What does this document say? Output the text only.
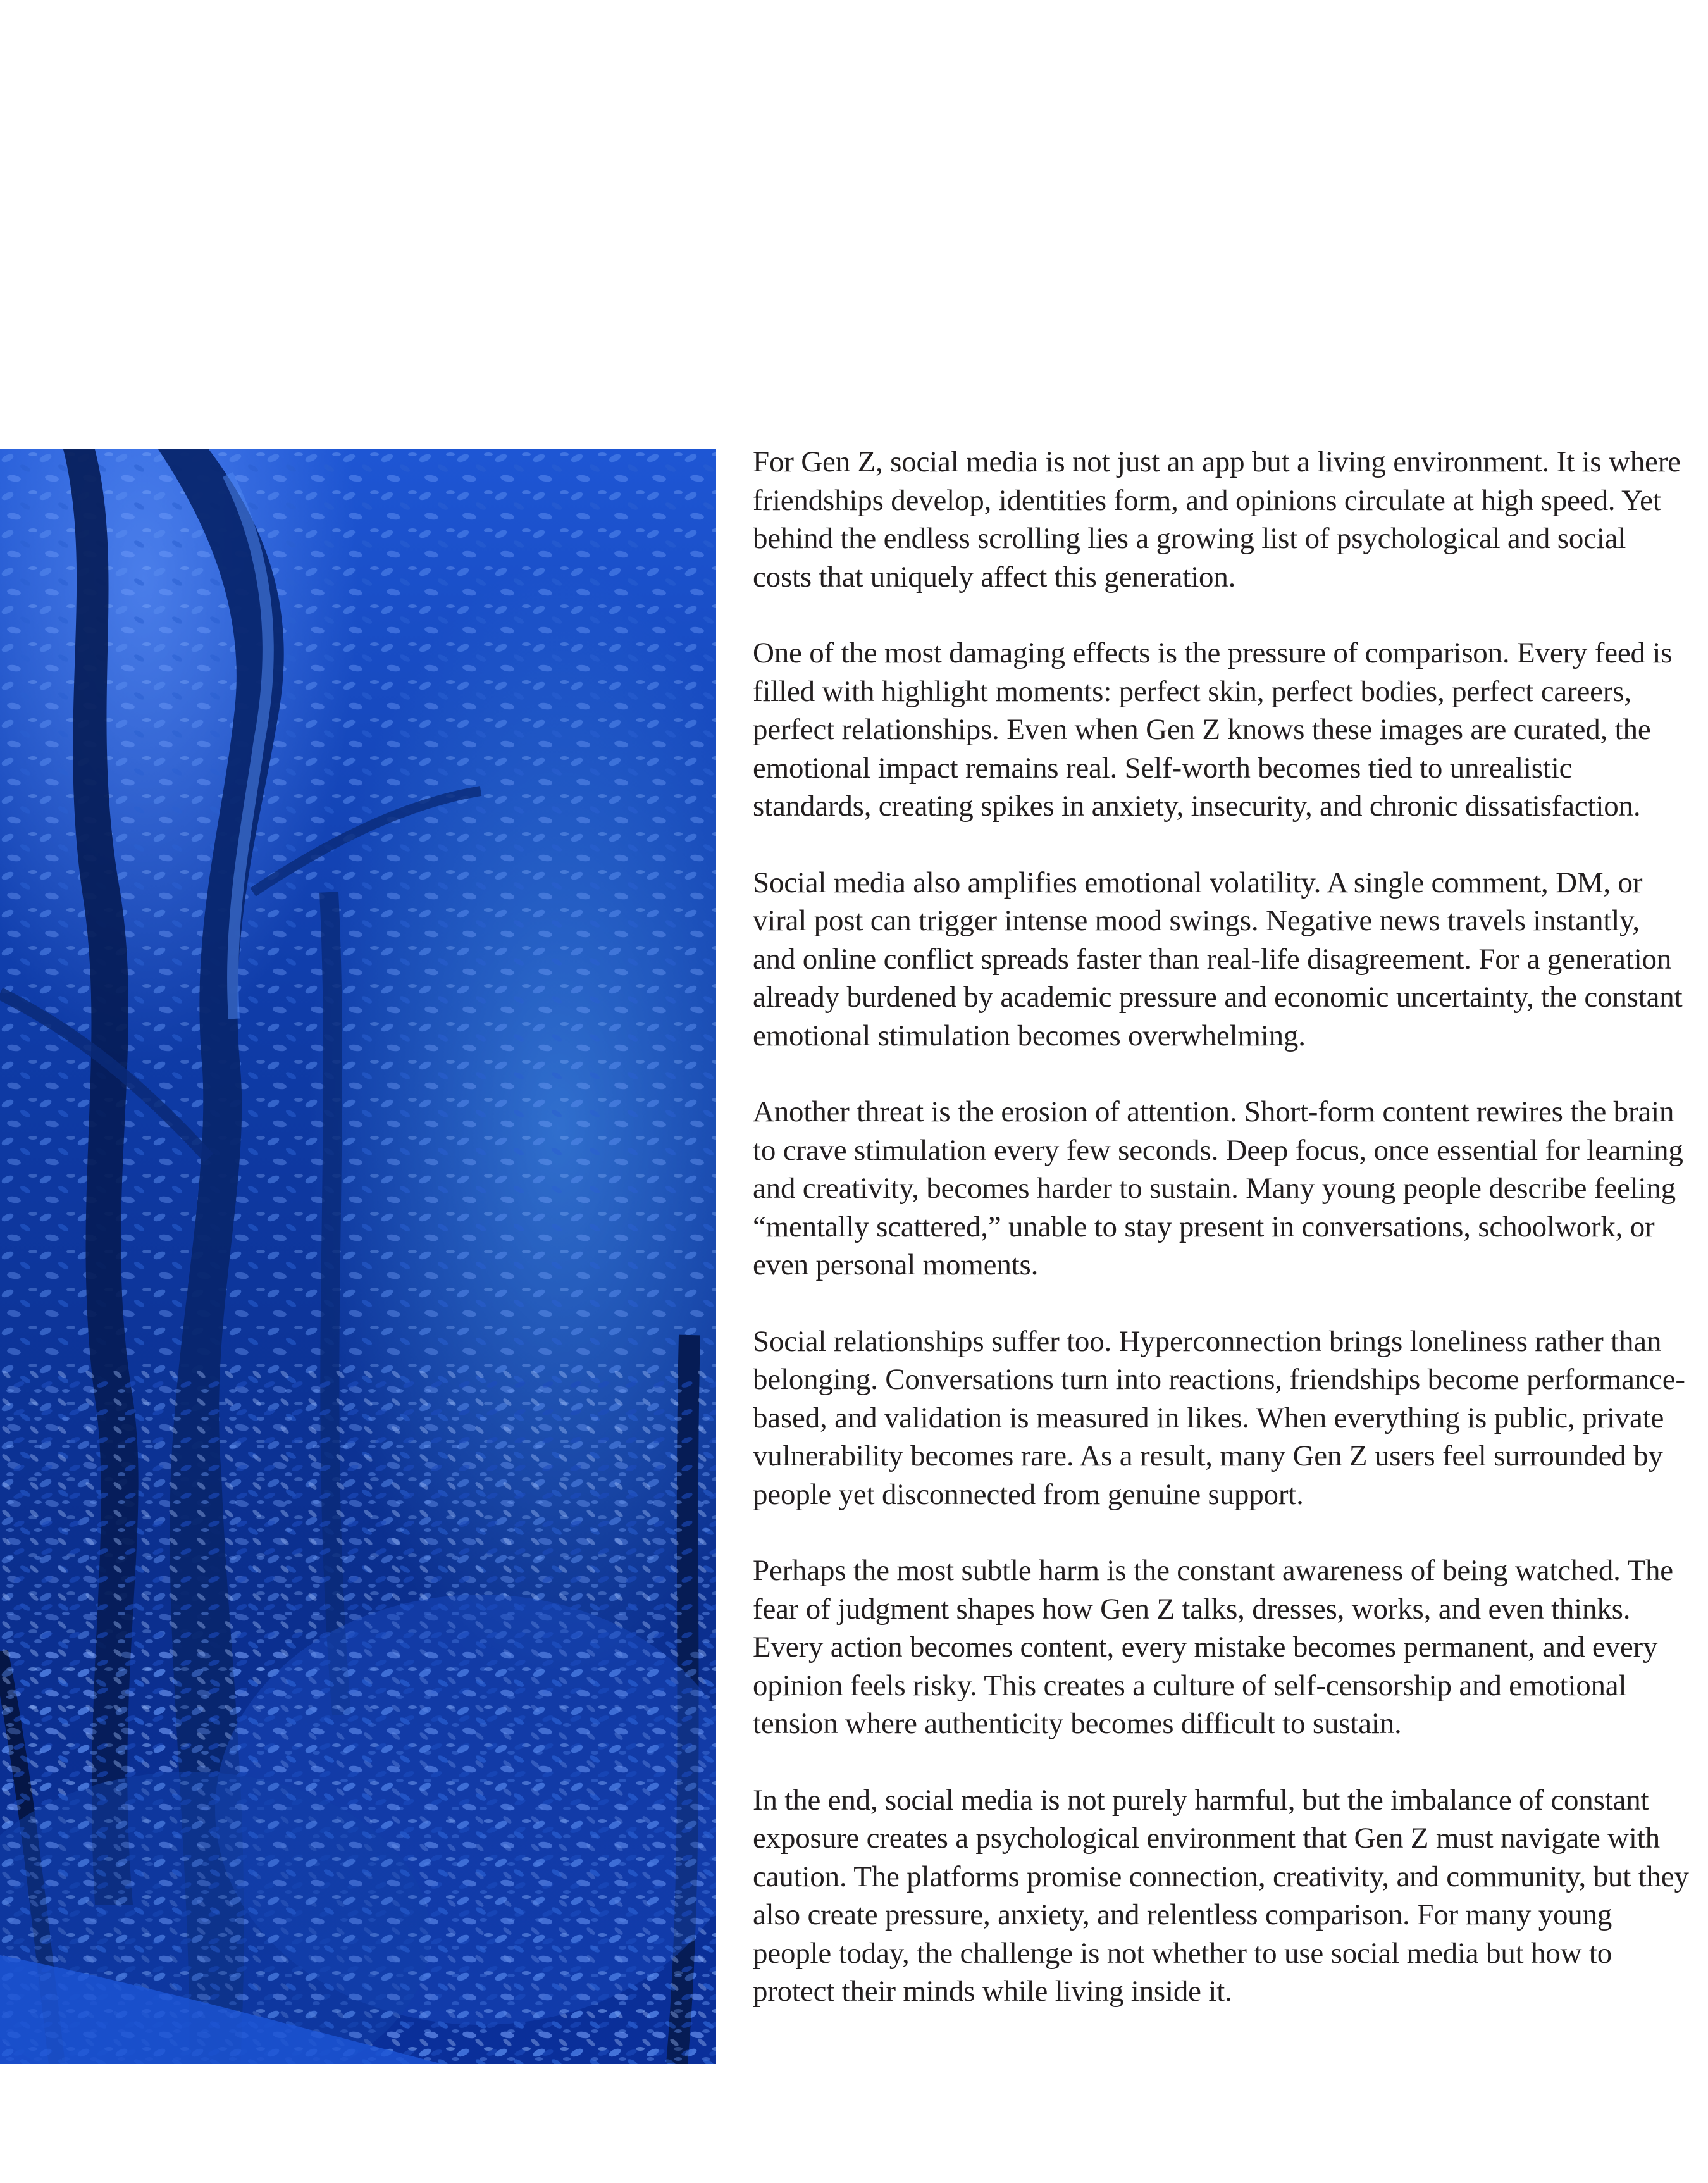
For Gen Z, social media is not just an app but a living environment. It is where friendships develop, identities form, and opinions circulate at high speed. Yet behind the endless scrolling lies a growing list of psychological and social costs that uniquely affect this generation.

One of the most damaging effects is the pressure of comparison. Every feed is filled with highlight moments: perfect skin, perfect bodies, perfect careers, perfect relationships. Even when Gen Z knows these images are curated, the emotional impact remains real. Self-worth becomes tied to unrealistic standards, creating spikes in anxiety, insecurity, and chronic dissatisfaction.

Social media also amplifies emotional volatility. A single comment, DM, or viral post can trigger intense mood swings. Negative news travels instantly, and online conflict spreads faster than real-life disagreement. For a generation already burdened by academic pressure and economic uncertainty, the constant emotional stimulation becomes overwhelming.

Another threat is the erosion of attention. Short-form content rewires the brain to crave stimulation every few seconds. Deep focus, once essential for learning and creativity, becomes harder to sustain. Many young people describe feeling “mentally scattered,” unable to stay present in conversations, schoolwork, or even personal moments.

Social relationships suffer too. Hyperconnection brings loneliness rather than belonging. Conversations turn into reactions, friendships become performance-based, and validation is measured in likes. When everything is public, private vulnerability becomes rare. As a result, many Gen Z users feel surrounded by people yet disconnected from genuine support.

Perhaps the most subtle harm is the constant awareness of being watched. The fear of judgment shapes how Gen Z talks, dresses, works, and even thinks. Every action becomes content, every mistake becomes permanent, and every opinion feels risky. This creates a culture of self-censorship and emotional tension where authenticity becomes difficult to sustain.

In the end, social media is not purely harmful, but the imbalance of constant exposure creates a psychological environment that Gen Z must navigate with caution. The platforms promise connection, creativity, and community, but they also create pressure, anxiety, and relentless comparison. For many young people today, the challenge is not whether to use social media but how to protect their minds while living inside it.
